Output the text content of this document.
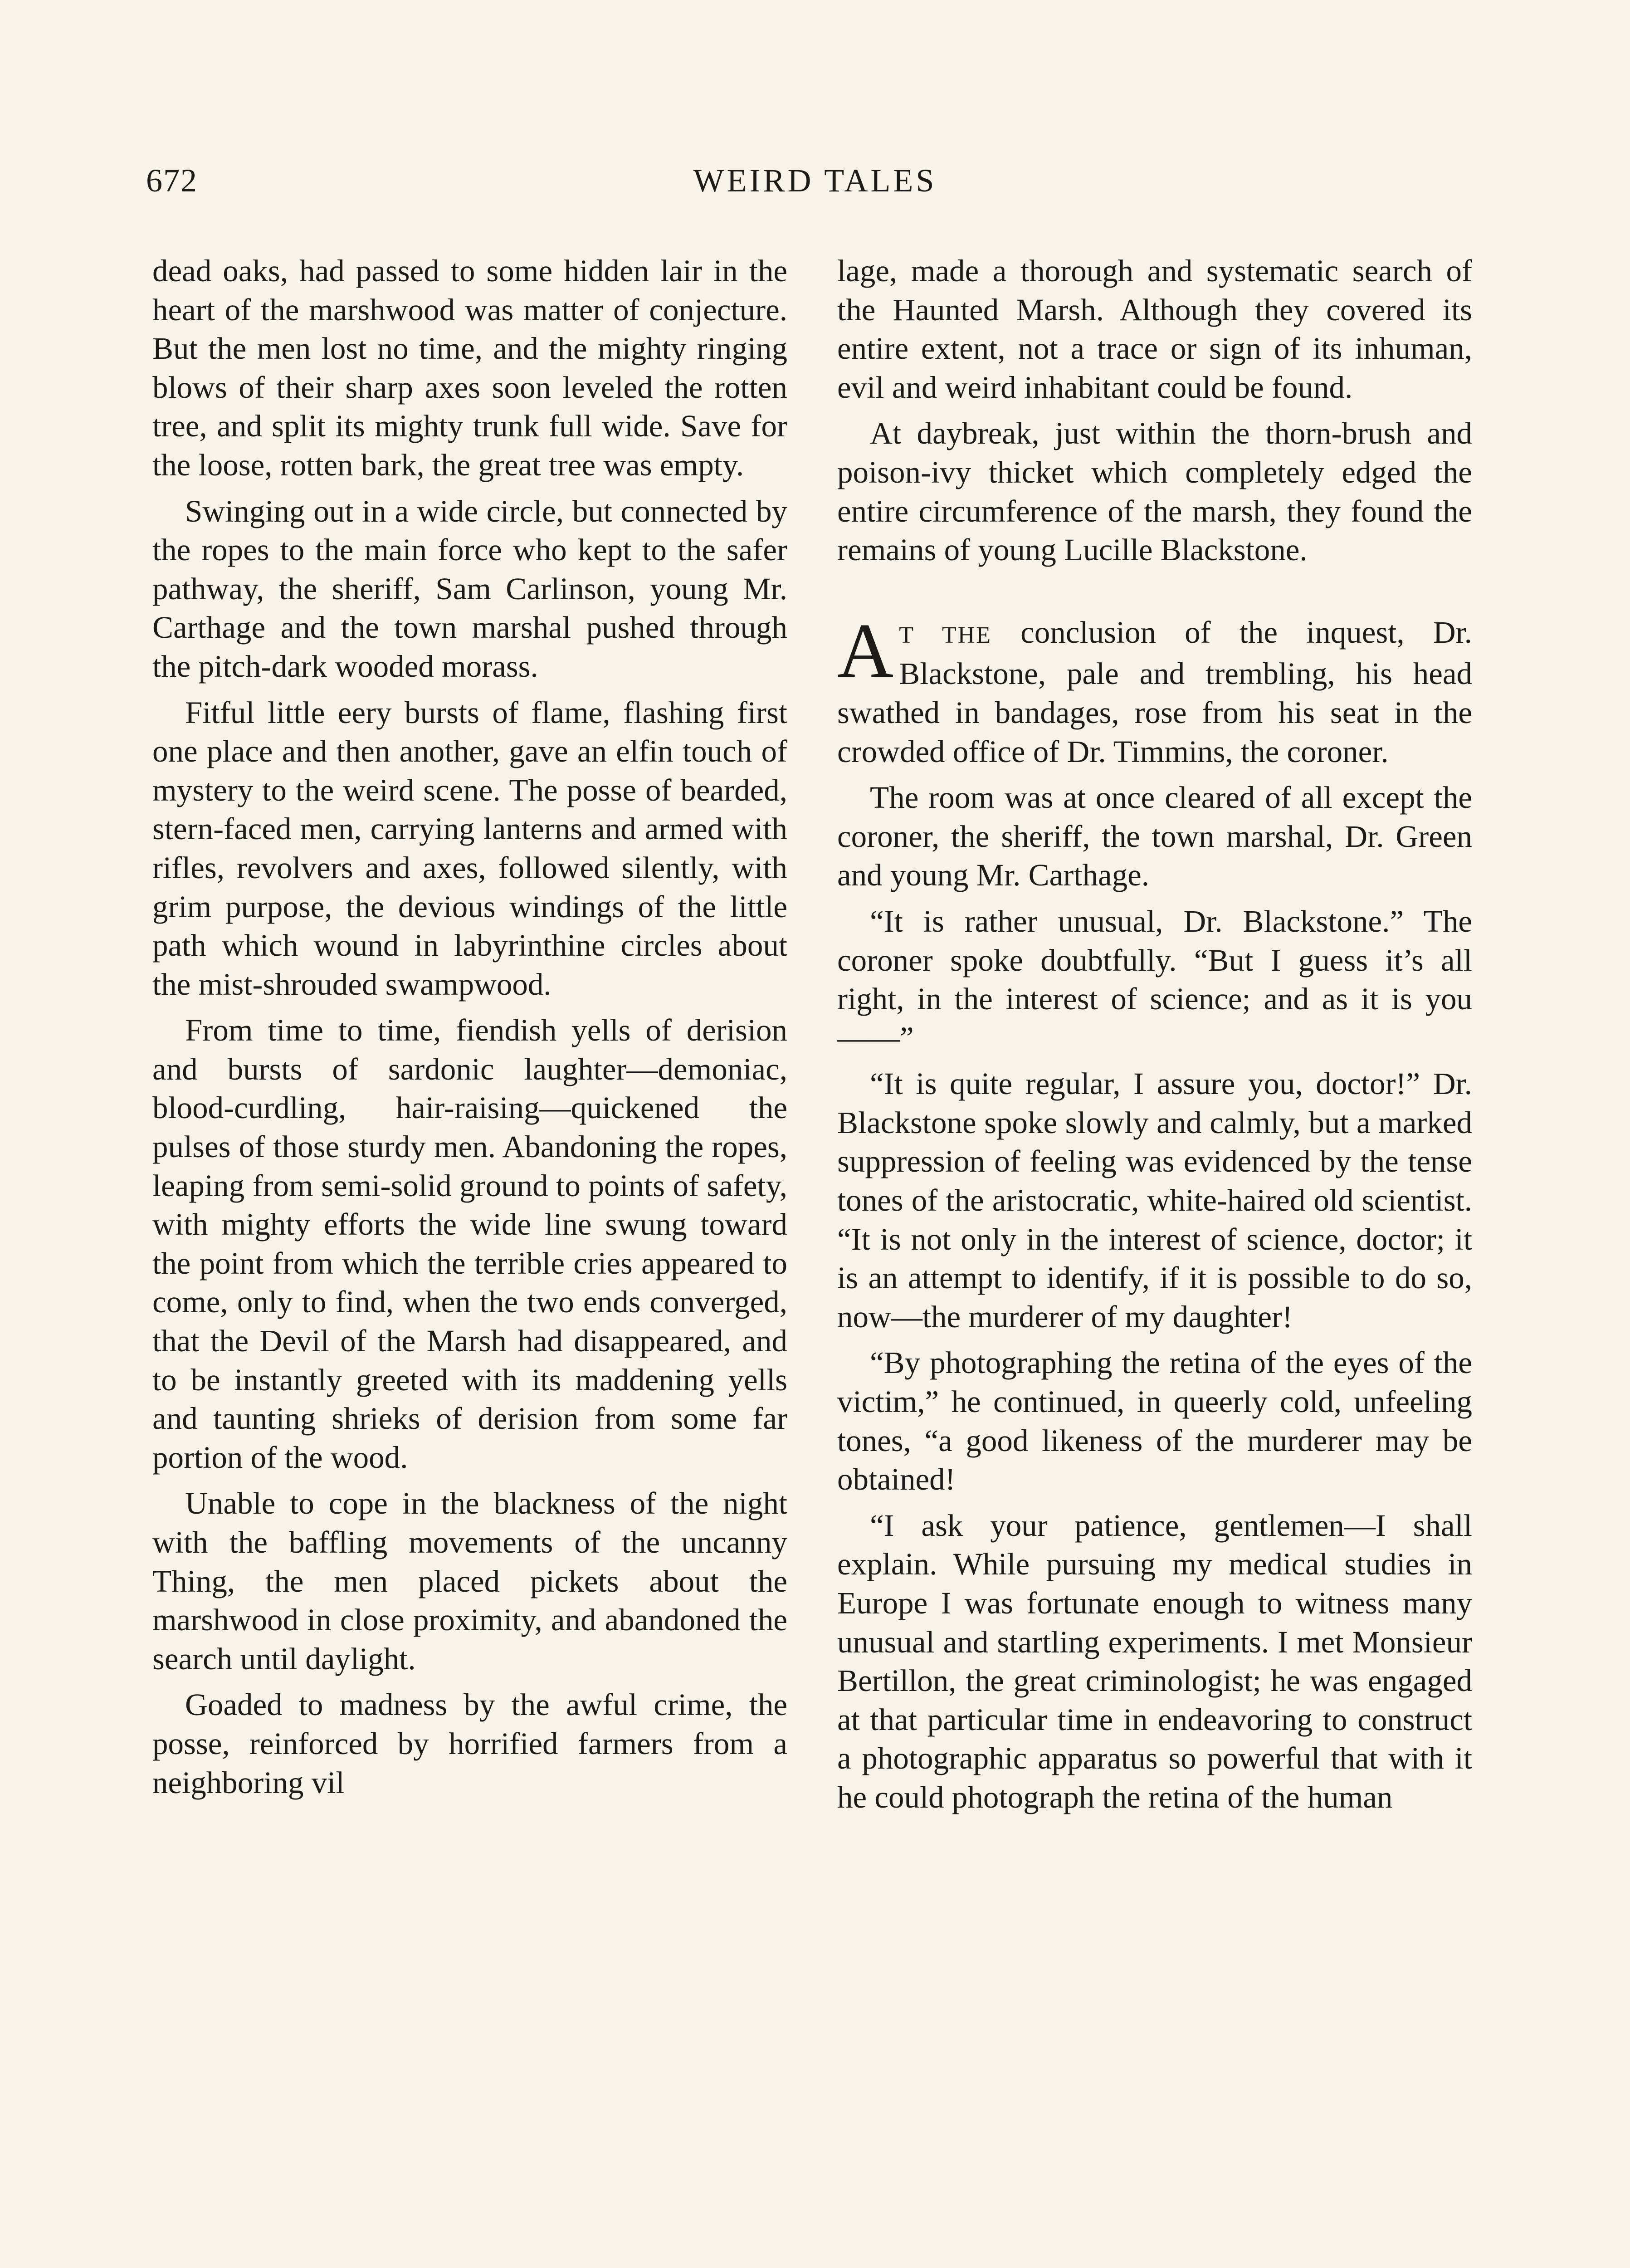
672	WEIRD TALES

dead oaks, had passed to some hidden lair in the heart of the marshwood was matter of conjecture. But the men lost no time, and the mighty ringing blows of their sharp axes soon leveled the rotten tree, and split its mighty trunk full wide. Save for the loose, rotten bark, the great tree was empty.

Swinging out in a wide circle, but connected by the ropes to the main force who kept to the safer pathway, the sheriff, Sam Carlinson, young Mr. Carthage and the town marshal pushed through the pitch-dark wooded morass.

Fitful little eery bursts of flame, flashing first one place and then another, gave an elfin touch of mystery to the weird scene. The posse of bearded, stern-faced men, carrying lanterns and armed with rifles, revolvers and axes, followed silently, with grim purpose, the devious windings of the little path which wound in labyrinthine circles about the mist-shrouded swampwood.

From time to time, fiendish yells of derision and bursts of sardonic laughter—demoniac, blood-curdling, hair-raising—quickened the pulses of those sturdy men. Abandoning the ropes, leaping from semi-solid ground to points of safety, with mighty efforts the wide line swung toward the point from which the terrible cries appeared to come, only to find, when the two ends converged, that the Devil of the Marsh had disappeared, and to be instantly greeted with its maddening yells and taunting shrieks of derision from some far portion of the wood.

Unable to cope in the blackness of the night with the baffling movements of the uncanny Thing, the men placed pickets about the marshwood in close proximity, and abandoned the search until daylight.

Goaded to madness by the awful crime, the posse, reinforced by horrified farmers from a neighboring vil

lage, made a thorough and systematic search of the Haunted Marsh. Although they covered its entire extent, not a trace or sign of its inhuman, evil and weird inhabitant could be found.

At daybreak, just within the thorn-brush and poison-ivy thicket which completely edged the entire circumference of the marsh, they found the remains of young Lucille Blackstone.

A T THE conclusion of the inquest, Dr. Blackstone, pale and trembling, his head swathed in bandages, rose from his seat in the crowded office of Dr. Timmins, the coroner.

The room was at once cleared of all except the coroner, the sheriff, the town marshal, Dr. Green and young Mr. Carthage.

“It is rather unusual, Dr. Blackstone.” The coroner spoke doubtfully. “But I guess it’s all right, in the interest of science; and as it is you——”

“It is quite regular, I assure you, doctor!” Dr. Blackstone spoke slowly and calmly, but a marked suppression of feeling was evidenced by the tense tones of the aristocratic, white-haired old scientist. “It is not only in the interest of science, doctor; it is an attempt to identify, if it is possible to do so, now—the murderer of my daughter!

“By photographing the retina of the eyes of the victim,” he continued, in queerly cold, unfeeling tones, “a good likeness of the murderer may be obtained!

“I ask your patience, gentlemen—I shall explain. While pursuing my medical studies in Europe I was fortunate enough to witness many unusual and startling experiments. I met Monsieur Bertillon, the great criminologist; he was engaged at that particular time in endeavoring to construct a photographic apparatus so powerful that with it he could photograph the retina of the human
